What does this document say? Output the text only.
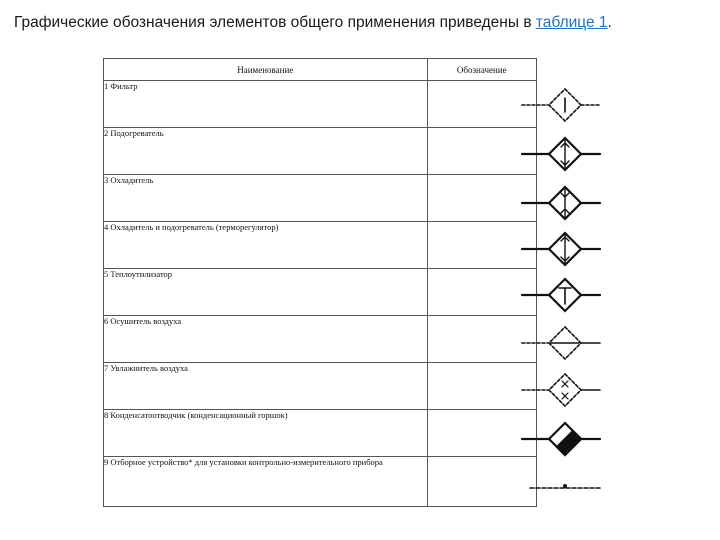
Графические обозначения элементов общего применения приведены в таблице 1.
Наименование	Обозначение
1 Фильтр	
2 Подогреватель	
3 Охладитель	
4 Охладитель и подогреватель (терморегулятор)	
5 Теплоутилизатор	
6 Осушитель воздуха	
7 Увлажнитель воздуха	
8 Конденсатоотводчик (конденсационный горшок)	
9 Отборное устройство* для установки контрольно-измерительного прибора	
